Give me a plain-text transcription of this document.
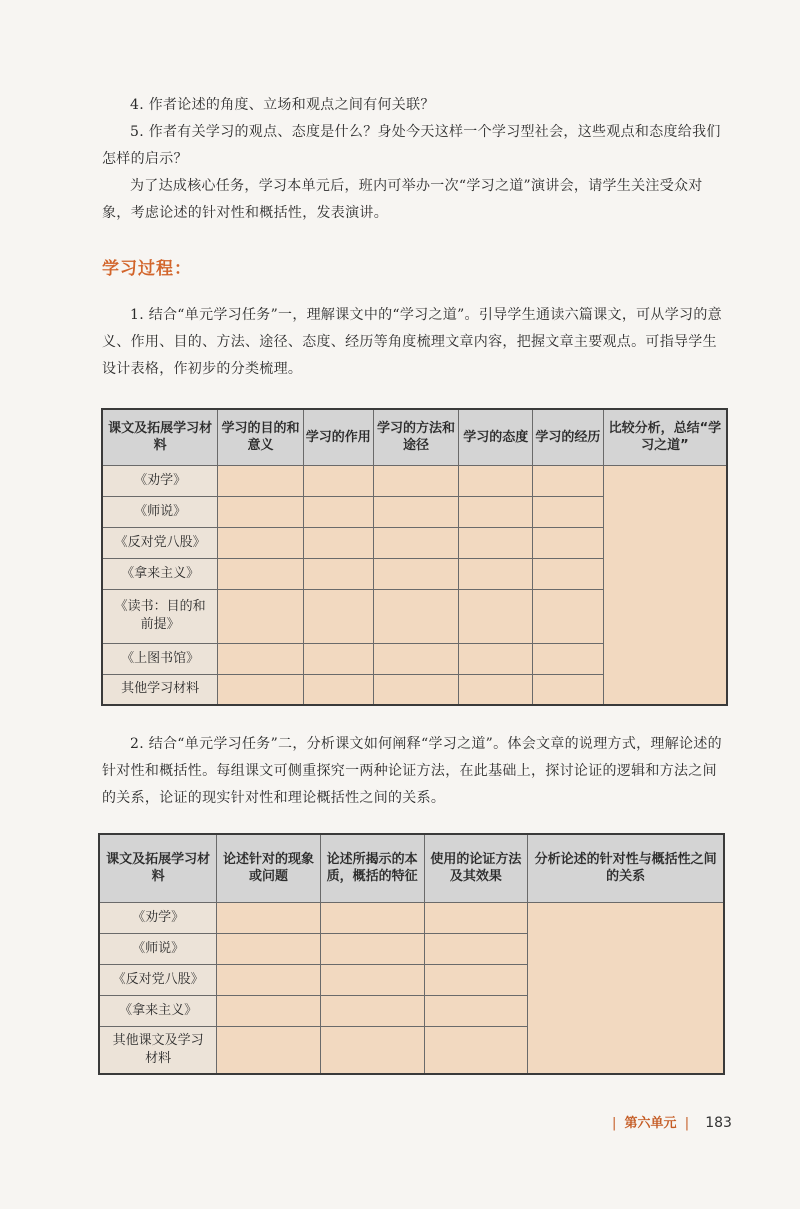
4. 作者论述的角度、立场和观点之间有何关联？

5. 作者有关学习的观点、态度是什么？身处今天这样一个学习型社会，这些观点和态度给我们怎样的启示？

为了达成核心任务，学习本单元后，班内可举办一次“学习之道”演讲会，请学生关注受众对象，考虑论述的针对性和概括性，发表演讲。

学习过程：

1. 结合“单元学习任务”一，理解课文中的“学习之道”。引导学生通读六篇课文，可从学习的意义、作用、目的、方法、途径、态度、经历等角度梳理文章内容，把握文章主要观点。可指导学生设计表格，作初步的分类梳理。

课文及拓展学习材料	学习的目的和意义	学习的作用	学习的方法和途径	学习的态度	学习的经历	比较分析，总结“学习之道”
《劝学》						
《师说》						
《反对党八股》						
《拿来主义》						
《读书：目的和前提》						
《上图书馆》						
其他学习材料						

2. 结合“单元学习任务”二，分析课文如何阐释“学习之道”。体会文章的说理方式，理解论述的针对性和概括性。每组课文可侧重探究一两种论证方法，在此基础上，探讨论证的逻辑和方法之间的关系，论证的现实针对性和理论概括性之间的关系。

课文及拓展学习材料	论述针对的现象或问题	论述所揭示的本质，概括的特征	使用的论证方法及其效果	分析论述的针对性与概括性之间的关系
《劝学》				
《师说》				
《反对党八股》				
《拿来主义》				
其他课文及学习材料				
| 第六单元 | 183
